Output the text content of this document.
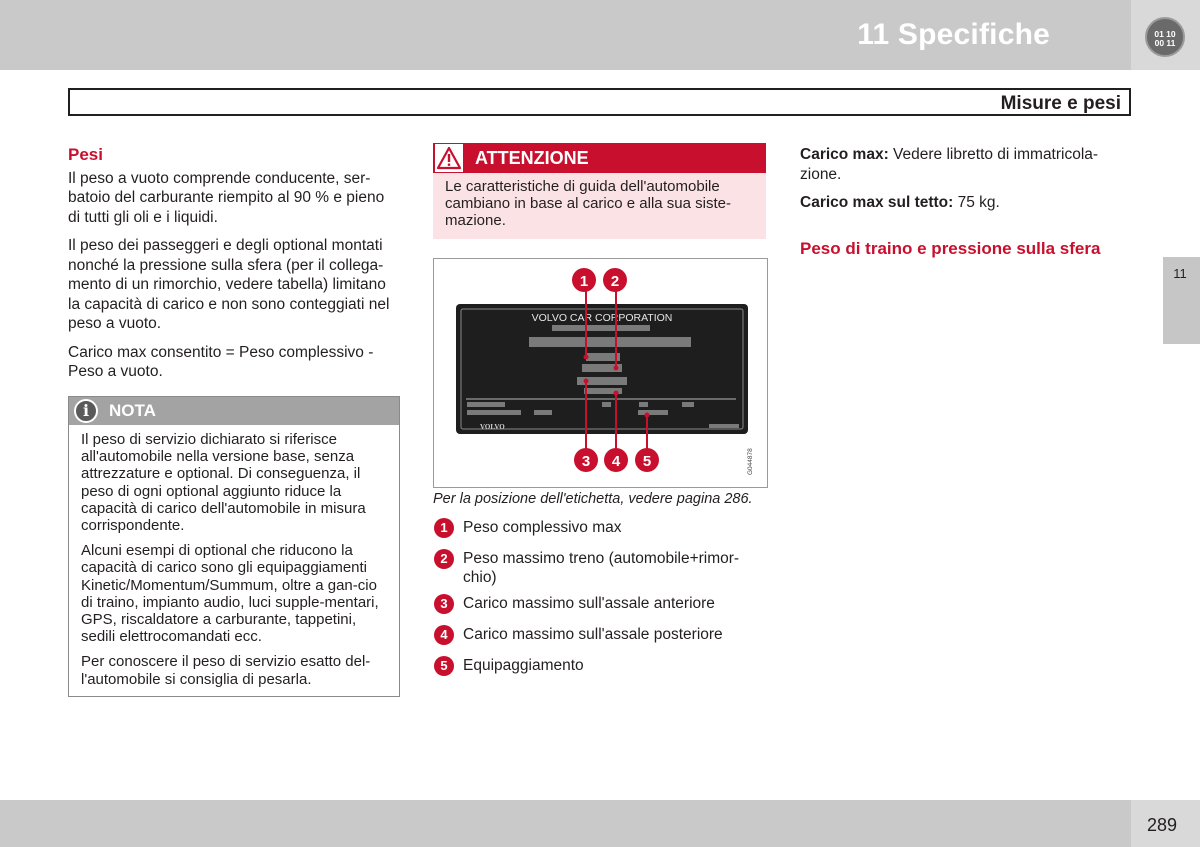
11 Specifiche	01 10
00 11
Misure e pesi
Pesi

Il peso a vuoto comprende conducente, ser-batoio del carburante riempito al 90 % e pieno di tutti gli oli e i liquidi.

Il peso dei passeggeri e degli optional montati nonché la pressione sulla sfera (per il collega-mento di un rimorchio, vedere tabella) limitano la capacità di carico e non sono conteggiati nel peso a vuoto.

Carico max consentito = Peso complessivo - Peso a vuoto.

i	NOTA

Il peso di servizio dichiarato si riferisce all'automobile nella versione base, senza attrezzature e optional. Di conseguenza, il peso di ogni optional aggiunto riduce la capacità di carico dell'automobile in misura corrispondente.

Alcuni esempi di optional che riducono la capacità di carico sono gli equipaggiamenti Kinetic/Momentum/Summum, oltre a gan-cio di traino, impianto audio, luci supple-mentari, GPS, riscaldatore a carburante, tappetini, sedili elettrocomandati ecc.

Per conoscere il peso di servizio esatto del-l'automobile si consiglia di pesarla.

ATTENZIONE
Le caratteristiche di guida dell'automobile cambiano in base al carico e alla sua siste-mazione.
VOLVO CAR CORPORATION
VOLVO
1 2
3 4 5	G044878
Per la posizione dell'etichetta, vedere pagina 286.
1 Peso complessivo max
2 Peso massimo treno (automobile+rimor-chio)
3 Carico massimo sull'assale anteriore
4 Carico massimo sull'assale posteriore
5 Equipaggiamento

Carico max: Vedere libretto di immatricola-zione.

Carico max sul tetto: 75 kg.

Peso di traino e pressione sulla sfera
11
289
